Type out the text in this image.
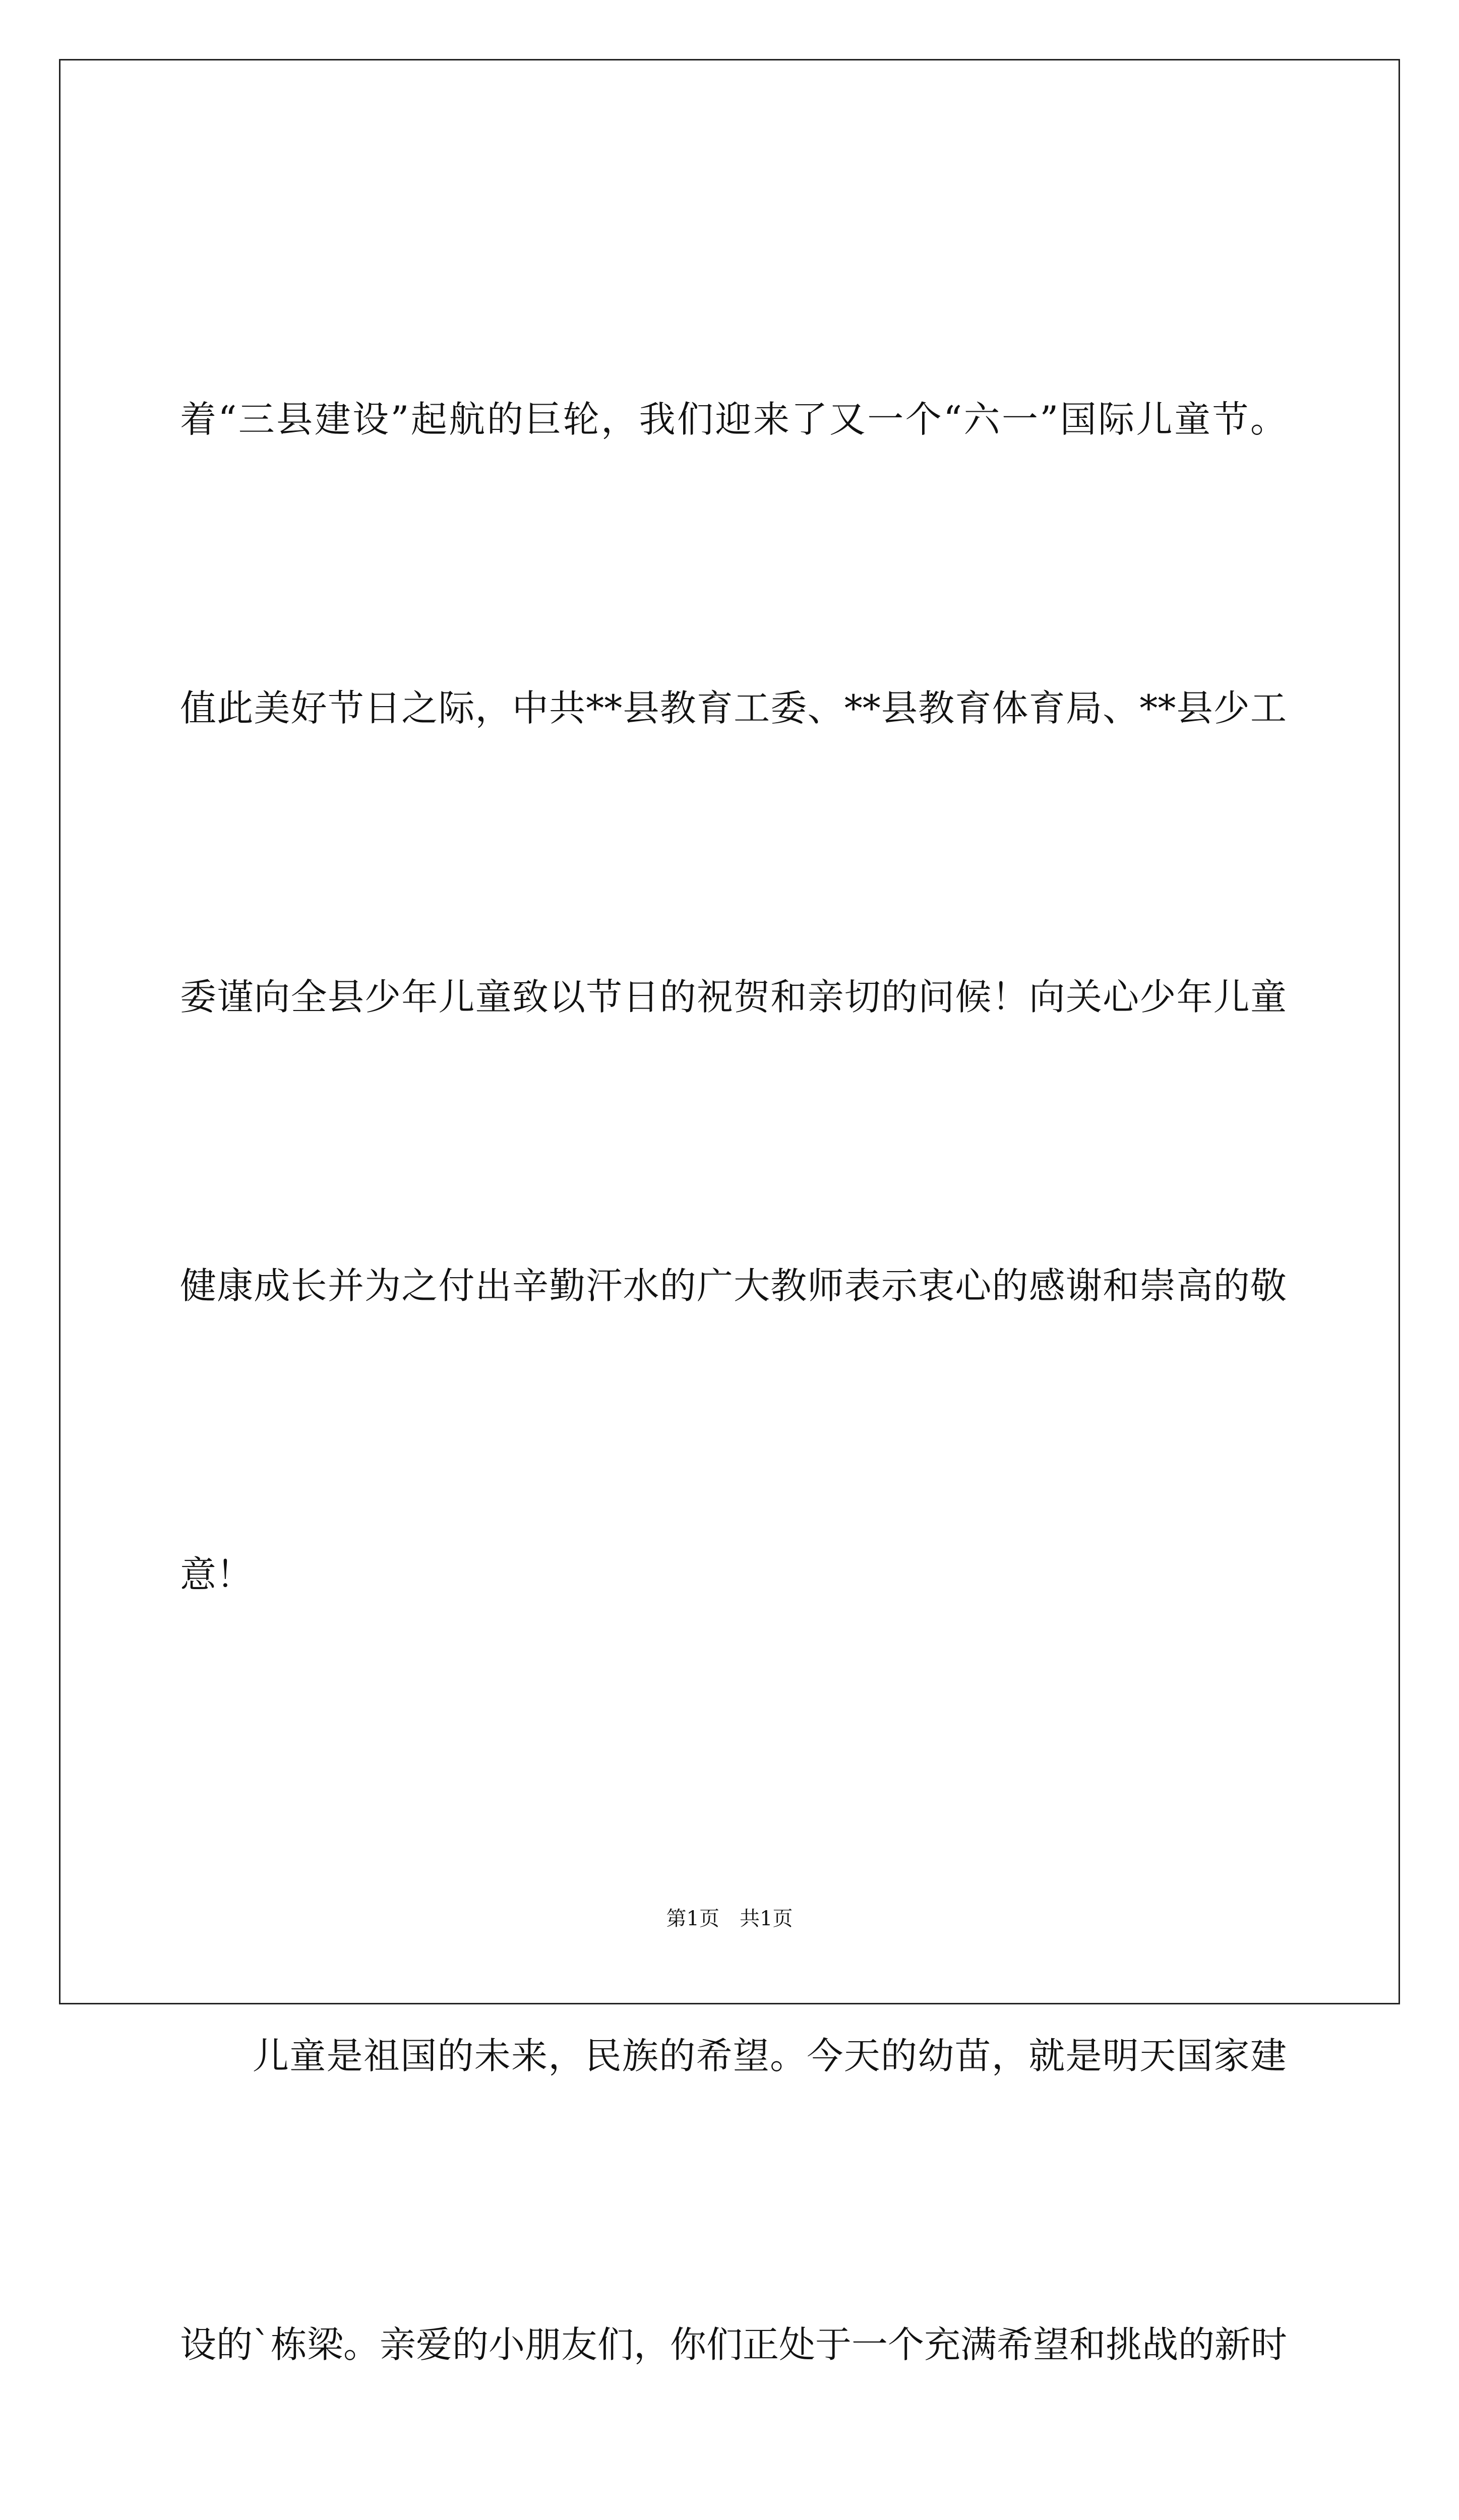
着“三县建设”起航的巨轮，我们迎来了又一个“六一”国际儿童节。

值此美好节日之际，中共**县教育工委、**县教育体育局、**县少工

委谨向全县少年儿童致以节日的祝贺和亲切的问候！向关心少年儿童

健康成长并为之付出辛勤汗水的广大教师表示衷心的感谢和崇高的敬

意！

儿童是祖国的未来，民族的希望。今天的幼苗，就是明天国家建

设的`栋梁。亲爱的小朋友们，你们正处于一个充满希望和挑战的新时

第1页　共1页
